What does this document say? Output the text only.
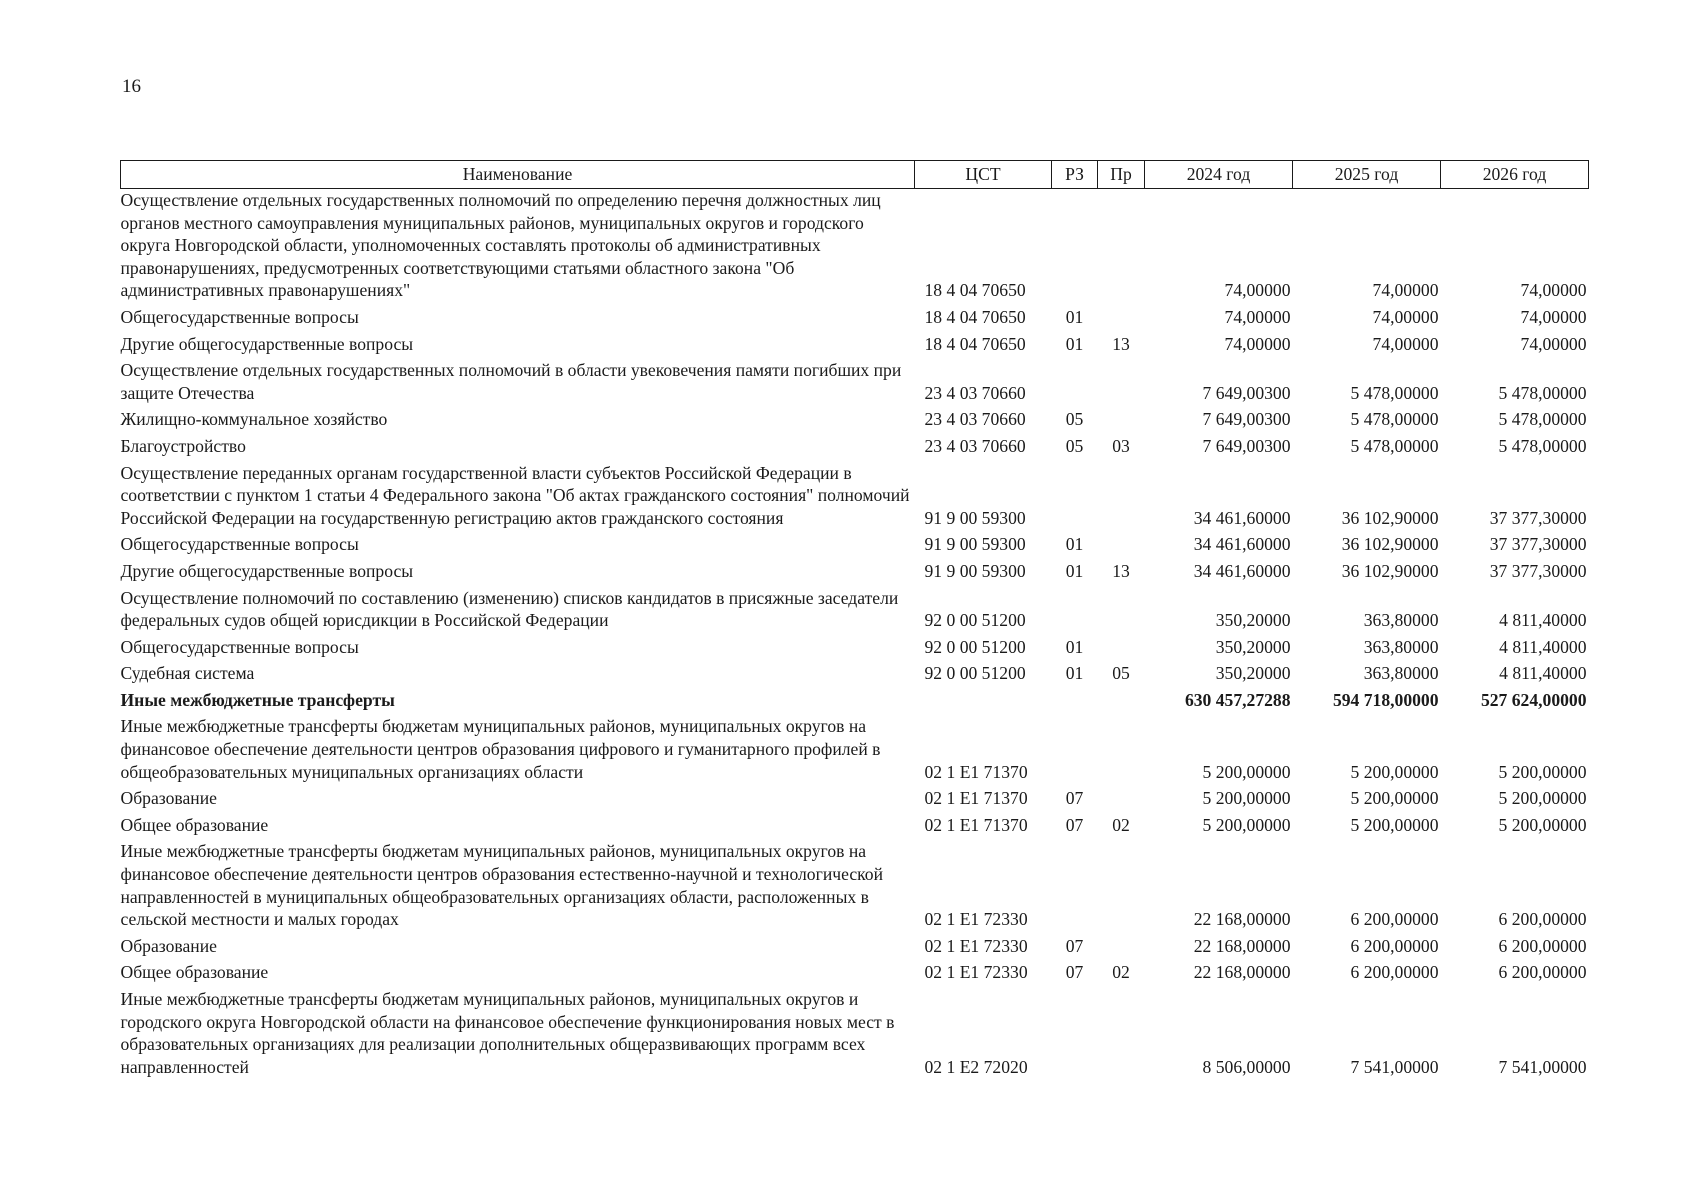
16
Наименование	ЦСТ	РЗ	Пр	2024 год	2025 год	2026 год
Осуществление отдельных государственных полномочий по определению перечня должностных лиц органов местного самоуправления муниципальных районов, муниципальных округов и городского округа Новгородской области, уполномоченных составлять протоколы об административных правонарушениях, предусмотренных соответствующими статьями областного закона "Об административных правонарушениях"	18 4 04 70650			74,00000	74,00000	74,00000
Общегосударственные вопросы	18 4 04 70650	01		74,00000	74,00000	74,00000
Другие общегосударственные вопросы	18 4 04 70650	01	13	74,00000	74,00000	74,00000
Осуществление отдельных государственных полномочий в области увековечения памяти погибших при защите Отечества	23 4 03 70660			7 649,00300	5 478,00000	5 478,00000
Жилищно-коммунальное хозяйство	23 4 03 70660	05		7 649,00300	5 478,00000	5 478,00000
Благоустройство	23 4 03 70660	05	03	7 649,00300	5 478,00000	5 478,00000
Осуществление переданных органам государственной власти субъектов Российской Федерации в соответствии с пунктом 1 статьи 4 Федерального закона "Об актах гражданского состояния" полномочий Российской Федерации на государственную регистрацию актов гражданского состояния	91 9 00 59300			34 461,60000	36 102,90000	37 377,30000
Общегосударственные вопросы	91 9 00 59300	01		34 461,60000	36 102,90000	37 377,30000
Другие общегосударственные вопросы	91 9 00 59300	01	13	34 461,60000	36 102,90000	37 377,30000
Осуществление полномочий по составлению (изменению) списков кандидатов в присяжные заседатели федеральных судов общей юрисдикции в Российской Федерации	92 0 00 51200			350,20000	363,80000	4 811,40000
Общегосударственные вопросы	92 0 00 51200	01		350,20000	363,80000	4 811,40000
Судебная система	92 0 00 51200	01	05	350,20000	363,80000	4 811,40000
Иные межбюджетные трансферты				630 457,27288	594 718,00000	527 624,00000
Иные межбюджетные трансферты бюджетам муниципальных районов, муниципальных округов на финансовое обеспечение деятельности центров образования цифрового и гуманитарного профилей в общеобразовательных муниципальных организациях области	02 1 E1 71370			5 200,00000	5 200,00000	5 200,00000
Образование	02 1 E1 71370	07		5 200,00000	5 200,00000	5 200,00000
Общее образование	02 1 E1 71370	07	02	5 200,00000	5 200,00000	5 200,00000
Иные межбюджетные трансферты бюджетам муниципальных районов, муниципальных округов на финансовое обеспечение деятельности центров образования естественно-научной и технологической направленностей в муниципальных общеобразовательных организациях области, расположенных в сельской местности и малых городах	02 1 E1 72330			22 168,00000	6 200,00000	6 200,00000
Образование	02 1 E1 72330	07		22 168,00000	6 200,00000	6 200,00000
Общее образование	02 1 E1 72330	07	02	22 168,00000	6 200,00000	6 200,00000
Иные межбюджетные трансферты бюджетам муниципальных районов, муниципальных округов и городского округа Новгородской области на финансовое обеспечение функционирования новых мест в образовательных организациях для реализации дополнительных общеразвивающих программ всех направленностей	02 1 E2 72020			8 506,00000	7 541,00000	7 541,00000
